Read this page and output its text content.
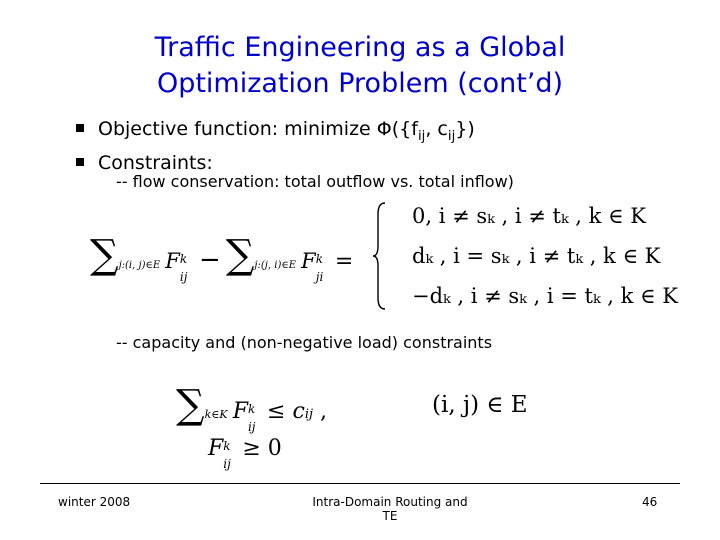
Traffic Engineering as a Global
Optimization Problem (cont’d)
Objective function: minimize
$\Phi(\{f_{ij}$, $c_{ij}$})
Constraints:
-- flow conservation: total outflow vs. total inflow)
∑j:(i, j)∈E F k
ij
− ∑j:(j, i)∈E F k
ji
=
0, i ≠ sₖ , i ≠ tₖ , k ∈ K
dₖ , i = sₖ , i ≠ tₖ , k ∈ K
−dₖ , i ≠ sₖ , i = tₖ , k ∈ K
-- capacity and (non-negative load) constraints
∑k∈K F k
ij
≤ cij ,	(i, j) ∈ E
F k
ij
≥ 0
winter 2008	Intra-Domain Routing and
TE
46
